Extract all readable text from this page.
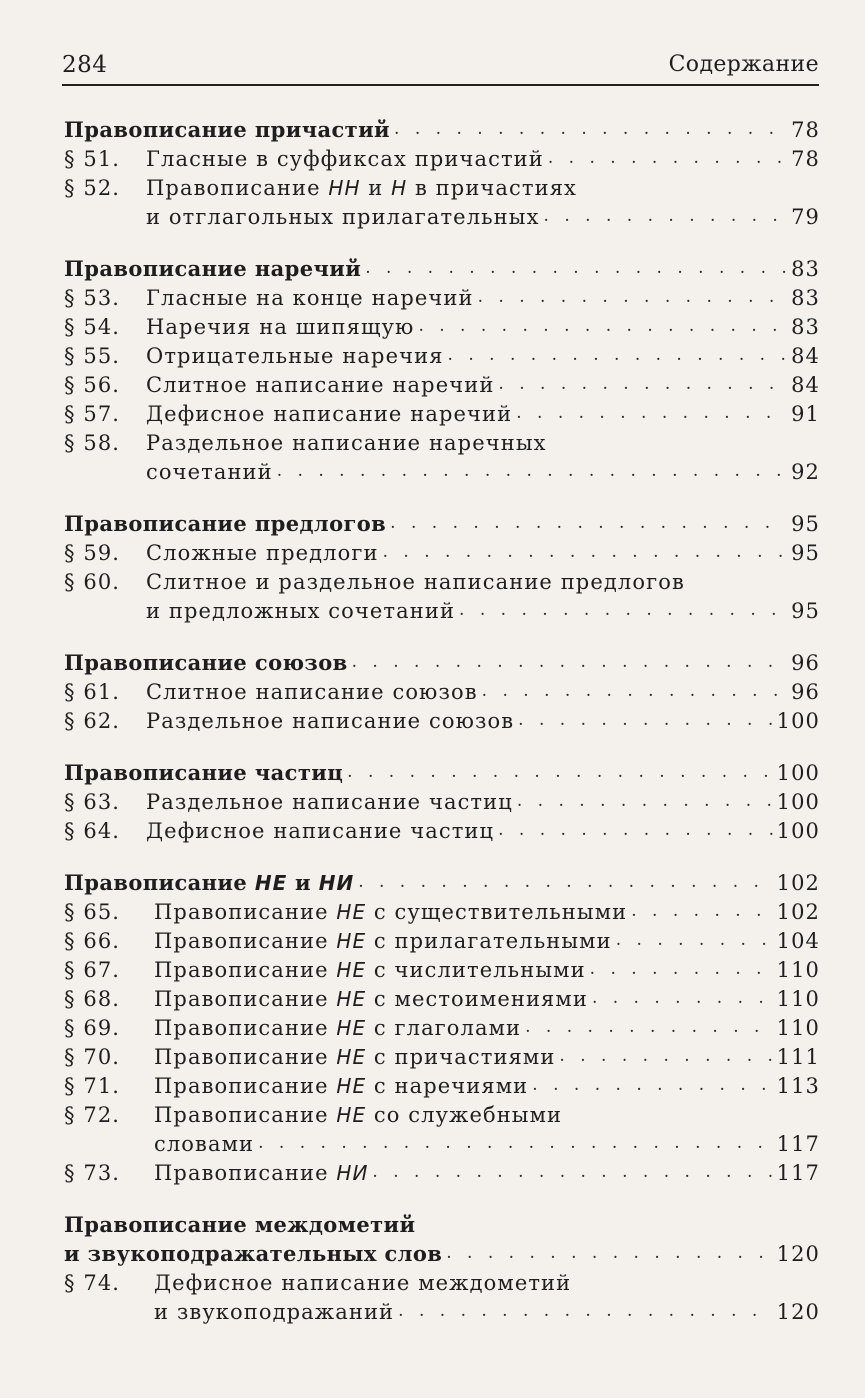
284	Содержание
Правописание причастий . . .	78
§ 51.	Гласные в суффиксах причастий . . .	78
§ 52.	Правописание НН и Н в причастиях
и отглагольных прилагательных . . .	79
Правописание наречий . . .	83
§ 53.	Гласные на конце наречий . . .	83
§ 54.	Наречия на шипящую . . .	83
§ 55.	Отрицательные наречия . . .	84
§ 56.	Слитное написание наречий . . .	84
§ 57.	Дефисное написание наречий . . .	91
§ 58.	Раздельное написание наречных
сочетаний . . .	92
Правописание предлогов . . .	95
§ 59.	Сложные предлоги . . .	95
§ 60.	Слитное и раздельное написание предлогов
и предложных сочетаний . . .	95
Правописание союзов . . .	96
§ 61.	Слитное написание союзов . . .	96
§ 62.	Раздельное написание союзов . . .	100
Правописание частиц . . .	100
§ 63.	Раздельное написание частиц . . .	100
§ 64.	Дефисное написание частиц . . .	100
Правописание НЕ и НИ . . .	102
§ 65.	Правописание НЕ с существительными . . .	102
§ 66.	Правописание НЕ с прилагательными . . .	104
§ 67.	Правописание НЕ с числительными . . .	110
§ 68.	Правописание НЕ с местоимениями . . .	110
§ 69.	Правописание НЕ с глаголами . . .	110
§ 70.	Правописание НЕ с причастиями . . .	111
§ 71.	Правописание НЕ с наречиями . . .	113
§ 72.	Правописание НЕ со служебными
словами . . .	117
§ 73.	Правописание НИ . . .	117
Правописание междометий
и звукоподражательных слов . . .	120
§ 74.	Дефисное написание междометий
и звукоподражаний . . .	120
